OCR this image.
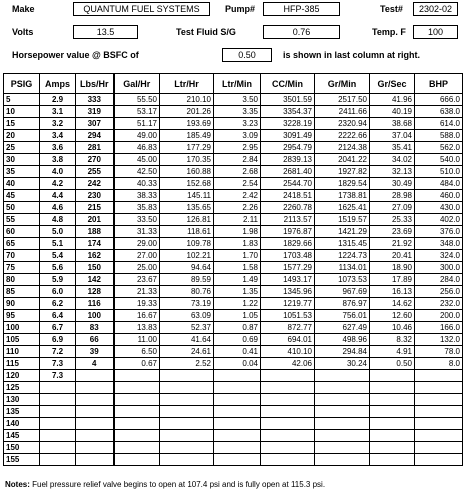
Make	QUANTUM FUEL SYSTEMS	Pump#	HFP-385	Test#	2302-02
Volts	13.5	Test Fluid S/G	0.76	Temp. F	100
Horsepower value @ BSFC of	0.50	is shown in last column at right.
PSIG	Amps	Lbs/Hr	Gal/Hr	Ltr/Hr	Ltr/Min	CC/Min	Gr/Min	Gr/Sec	BHP
5	2.9	333	55.50	210.10	3.50	3501.59	2517.50	41.96	666.0
10	3.1	319	53.17	201.26	3.35	3354.37	2411.66	40.19	638.0
15	3.2	307	51.17	193.69	3.23	3228.19	2320.94	38.68	614.0
20	3.4	294	49.00	185.49	3.09	3091.49	2222.66	37.04	588.0
25	3.6	281	46.83	177.29	2.95	2954.79	2124.38	35.41	562.0
30	3.8	270	45.00	170.35	2.84	2839.13	2041.22	34.02	540.0
35	4.0	255	42.50	160.88	2.68	2681.40	1927.82	32.13	510.0
40	4.2	242	40.33	152.68	2.54	2544.70	1829.54	30.49	484.0
45	4.4	230	38.33	145.11	2.42	2418.51	1738.81	28.98	460.0
50	4.6	215	35.83	135.65	2.26	2260.78	1625.41	27.09	430.0
55	4.8	201	33.50	126.81	2.11	2113.57	1519.57	25.33	402.0
60	5.0	188	31.33	118.61	1.98	1976.87	1421.29	23.69	376.0
65	5.1	174	29.00	109.78	1.83	1829.66	1315.45	21.92	348.0
70	5.4	162	27.00	102.21	1.70	1703.48	1224.73	20.41	324.0
75	5.6	150	25.00	94.64	1.58	1577.29	1134.01	18.90	300.0
80	5.9	142	23.67	89.59	1.49	1493.17	1073.53	17.89	284.0
85	6.0	128	21.33	80.76	1.35	1345.96	967.69	16.13	256.0
90	6.2	116	19.33	73.19	1.22	1219.77	876.97	14.62	232.0
95	6.4	100	16.67	63.09	1.05	1051.53	756.01	12.60	200.0
100	6.7	83	13.83	52.37	0.87	872.77	627.49	10.46	166.0
105	6.9	66	11.00	41.64	0.69	694.01	498.96	8.32	132.0
110	7.2	39	6.50	24.61	0.41	410.10	294.84	4.91	78.0
115	7.3	4	0.67	2.52	0.04	42.06	30.24	0.50	8.0
120	7.3								
125									
130									
135									
140									
145									
150									
155									
Notes: Fuel pressure relief valve begins to open at 107.4 psi and is fully open at 115.3 psi.
